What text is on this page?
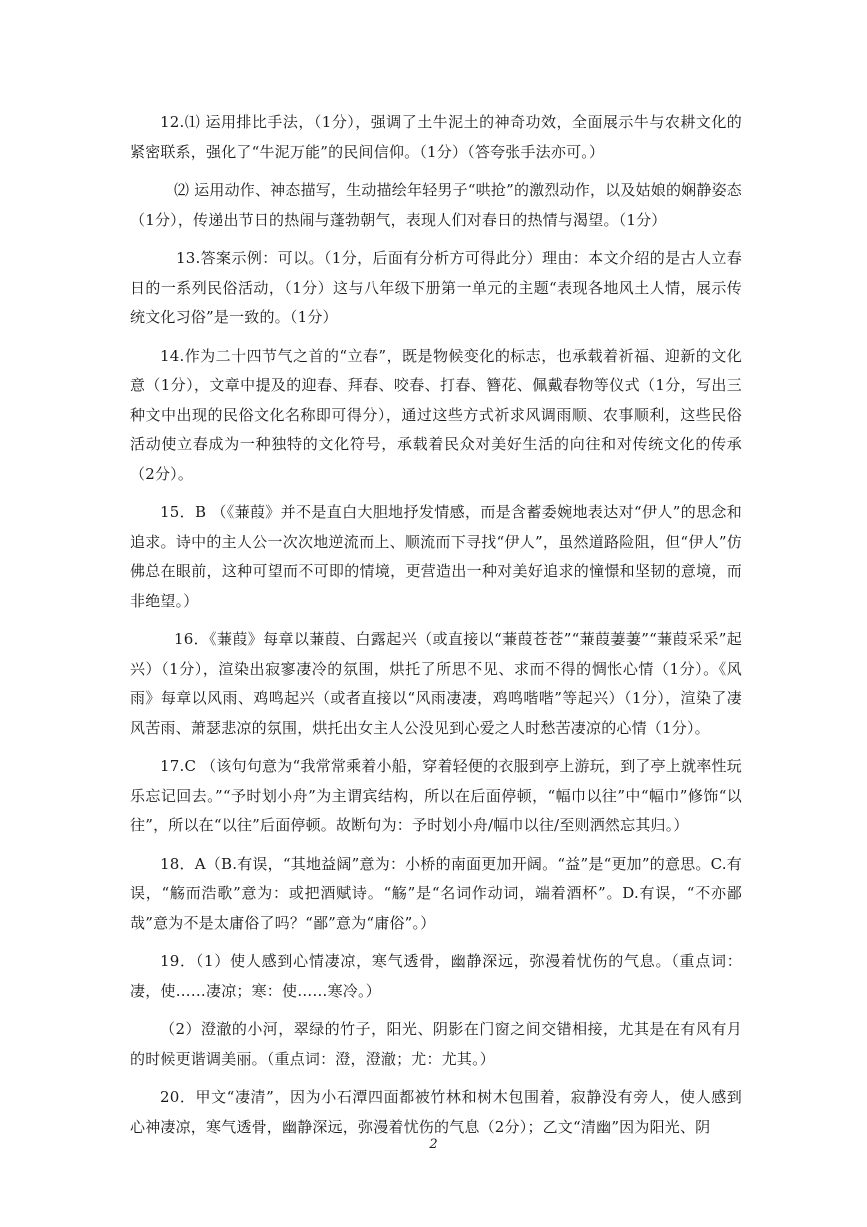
12.⑴ 运用排比手法，（1分），强调了土牛泥土的神奇功效，全面展示牛与农耕文化的紧密联系，强化了“牛泥万能”的民间信仰。（1分）（答夸张手法亦可。）

⑵ 运用动作、神态描写，生动描绘年轻男子“哄抢”的激烈动作，以及姑娘的娴静姿态（1分），传递出节日的热闹与蓬勃朝气，表现人们对春日的热情与渴望。（1分）

13.答案示例：可以。（1分，后面有分析方可得此分）理由：本文介绍的是古人立春日的一系列民俗活动，（1分）这与八年级下册第一单元的主题“表现各地风土人情，展示传统文化习俗”是一致的。（1分）

14.作为二十四节气之首的“立春”，既是物候变化的标志，也承载着祈福、迎新的文化意（1分），文章中提及的迎春、拜春、咬春、打春、簪花、佩戴春物等仪式（1分，写出三种文中出现的民俗文化名称即可得分），通过这些方式祈求风调雨顺、农事顺利，这些民俗活动使立春成为一种独特的文化符号，承载着民众对美好生活的向往和对传统文化的传承（2分）。

15．B （《蒹葭》并不是直白大胆地抒发情感，而是含蓄委婉地表达对“伊人”的思念和追求。诗中的主人公一次次地逆流而上、顺流而下寻找“伊人”，虽然道路险阻，但“伊人”仿佛总在眼前，这种可望而不可即的情境，更营造出一种对美好追求的憧憬和坚韧的意境，而非绝望。）

16．《蒹葭》每章以蒹葭、白露起兴（或直接以“蒹葭苍苍”“蒹葭萋萋”“蒹葭采采”起兴）（1分），渲染出寂寥凄冷的氛围，烘托了所思不见、求而不得的惆怅心情（1分）。《风雨》每章以风雨、鸡鸣起兴（或者直接以“风雨凄凄，鸡鸣喈喈”等起兴）（1分），渲染了凄风苦雨、萧瑟悲凉的氛围，烘托出女主人公没见到心爱之人时愁苦凄凉的心情（1分）。

17.C （该句句意为“我常常乘着小船，穿着轻便的衣服到亭上游玩，到了亭上就率性玩乐忘记回去。”“予时划小舟”为主谓宾结构，所以在后面停顿，“幅巾以往”中“幅巾”修饰“以往”，所以在“以往”后面停顿。故断句为：予时划小舟/幅巾以往/至则洒然忘其归。）

18．A（B.有误，“其地益阔”意为：小桥的南面更加开阔。“益”是“更加”的意思。C.有误，“觞而浩歌”意为：或把酒赋诗。“觞”是“名词作动词，端着酒杯”。D.有误，“不亦鄙哉”意为不是太庸俗了吗？“鄙”意为“庸俗”。）

19．（1）使人感到心情凄凉，寒气透骨，幽静深远，弥漫着忧伤的气息。（重点词：凄，使……凄凉；寒：使……寒冷。）

（2）澄澈的小河，翠绿的竹子，阳光、阴影在门窗之间交错相接，尤其是在有风有月的时候更谐调美丽。（重点词：澄，澄澈；尤：尤其。）

20．甲文“凄清”，因为小石潭四面都被竹林和树木包围着，寂静没有旁人，使人感到心神凄凉，寒气透骨，幽静深远，弥漫着忧伤的气息（2分）；乙文“清幽”因为阳光、阴

2
